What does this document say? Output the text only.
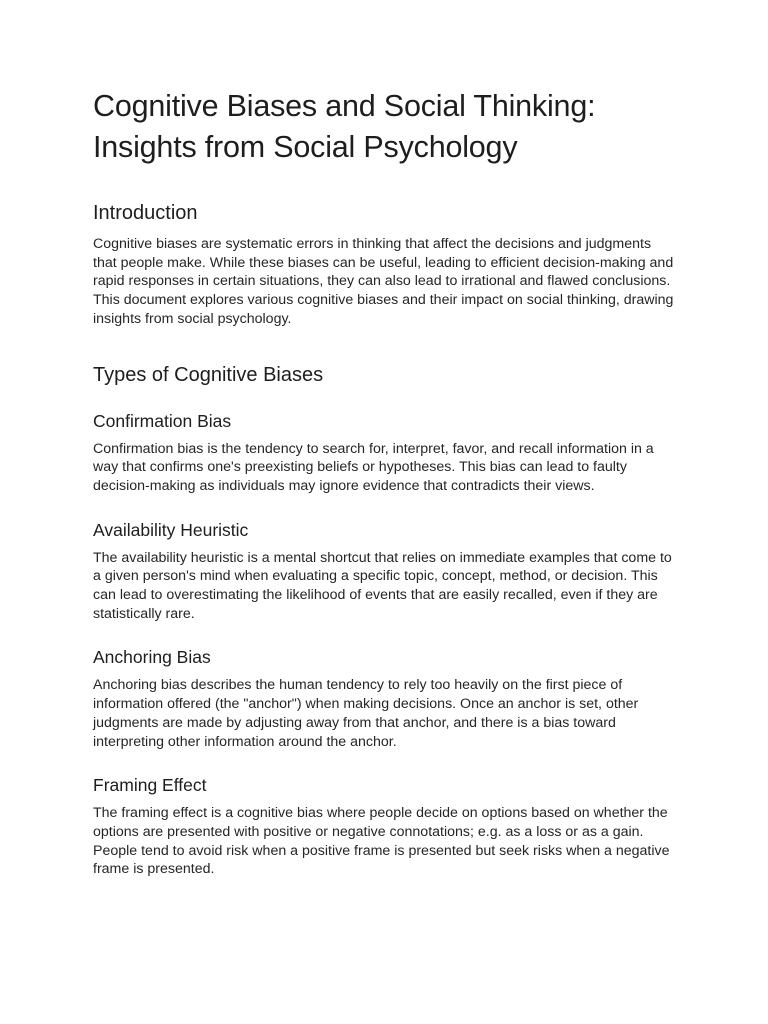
Cognitive Biases and Social Thinking: Insights from Social Psychology
Introduction

Cognitive biases are systematic errors in thinking that affect the decisions and judgments that people make. While these biases can be useful, leading to efficient decision-making and rapid responses in certain situations, they can also lead to irrational and flawed conclusions. This document explores various cognitive biases and their impact on social thinking, drawing insights from social psychology.

Types of Cognitive Biases
Confirmation Bias

Confirmation bias is the tendency to search for, interpret, favor, and recall information in a way that confirms one's preexisting beliefs or hypotheses. This bias can lead to faulty decision-making as individuals may ignore evidence that contradicts their views.

Availability Heuristic

The availability heuristic is a mental shortcut that relies on immediate examples that come to a given person's mind when evaluating a specific topic, concept, method, or decision. This can lead to overestimating the likelihood of events that are easily recalled, even if they are statistically rare.

Anchoring Bias

Anchoring bias describes the human tendency to rely too heavily on the first piece of information offered (the "anchor") when making decisions. Once an anchor is set, other judgments are made by adjusting away from that anchor, and there is a bias toward interpreting other information around the anchor.

Framing Effect

The framing effect is a cognitive bias where people decide on options based on whether the options are presented with positive or negative connotations; e.g. as a loss or as a gain. People tend to avoid risk when a positive frame is presented but seek risks when a negative frame is presented.
